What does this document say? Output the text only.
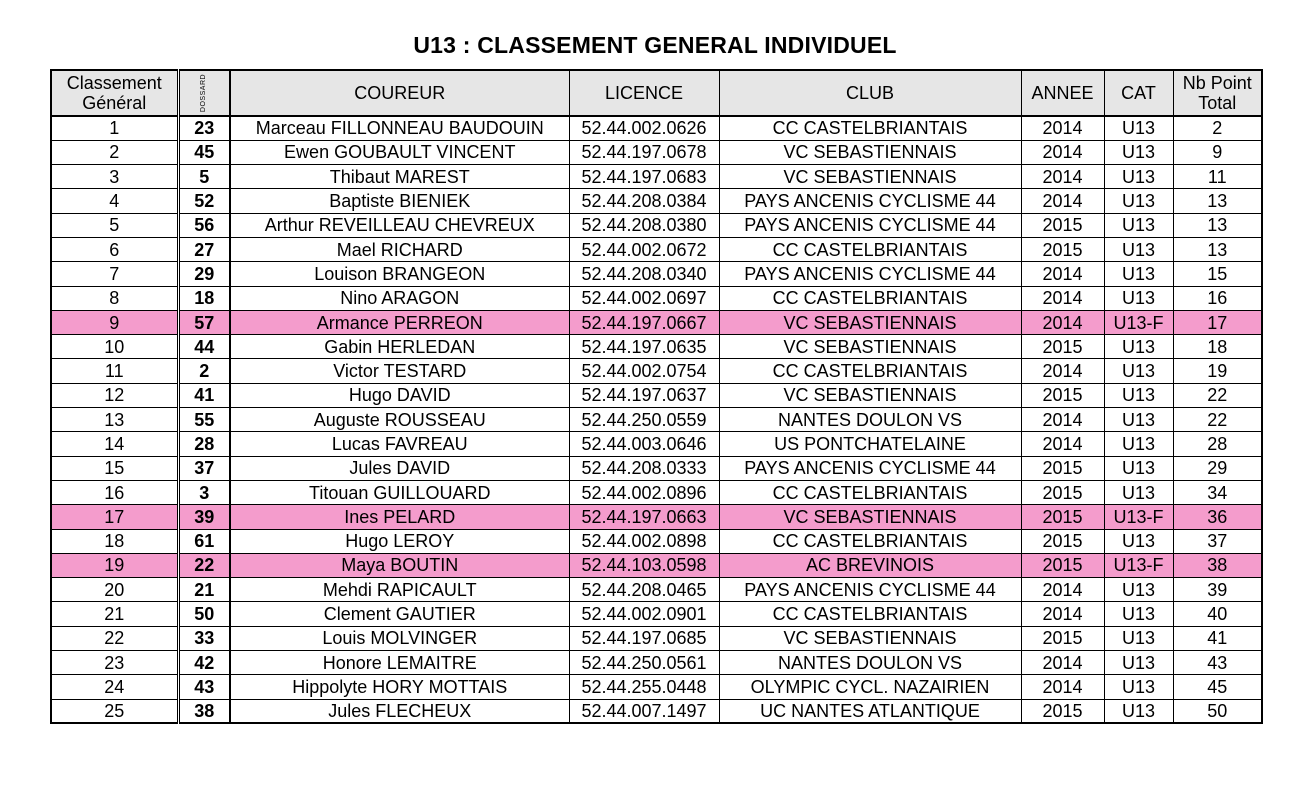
U13 : CLASSEMENT GENERAL INDIVIDUEL
Classement
Général	DOSSARD	COUREUR	LICENCE	CLUB	ANNEE	CAT	Nb Point
Total
1	23	Marceau FILLONNEAU BAUDOUIN	52.44.002.0626	CC CASTELBRIANTAIS	2014	U13	2
2	45	Ewen GOUBAULT VINCENT	52.44.197.0678	VC SEBASTIENNAIS	2014	U13	9
3	5	Thibaut MAREST	52.44.197.0683	VC SEBASTIENNAIS	2014	U13	11
4	52	Baptiste BIENIEK	52.44.208.0384	PAYS ANCENIS CYCLISME 44	2014	U13	13
5	56	Arthur REVEILLEAU CHEVREUX	52.44.208.0380	PAYS ANCENIS CYCLISME 44	2015	U13	13
6	27	Mael RICHARD	52.44.002.0672	CC CASTELBRIANTAIS	2015	U13	13
7	29	Louison BRANGEON	52.44.208.0340	PAYS ANCENIS CYCLISME 44	2014	U13	15
8	18	Nino ARAGON	52.44.002.0697	CC CASTELBRIANTAIS	2014	U13	16
9	57	Armance PERREON	52.44.197.0667	VC SEBASTIENNAIS	2014	U13-F	17
10	44	Gabin HERLEDAN	52.44.197.0635	VC SEBASTIENNAIS	2015	U13	18
11	2	Victor TESTARD	52.44.002.0754	CC CASTELBRIANTAIS	2014	U13	19
12	41	Hugo DAVID	52.44.197.0637	VC SEBASTIENNAIS	2015	U13	22
13	55	Auguste ROUSSEAU	52.44.250.0559	NANTES DOULON VS	2014	U13	22
14	28	Lucas FAVREAU	52.44.003.0646	US PONTCHATELAINE	2014	U13	28
15	37	Jules DAVID	52.44.208.0333	PAYS ANCENIS CYCLISME 44	2015	U13	29
16	3	Titouan GUILLOUARD	52.44.002.0896	CC CASTELBRIANTAIS	2015	U13	34
17	39	Ines PELARD	52.44.197.0663	VC SEBASTIENNAIS	2015	U13-F	36
18	61	Hugo LEROY	52.44.002.0898	CC CASTELBRIANTAIS	2015	U13	37
19	22	Maya BOUTIN	52.44.103.0598	AC BREVINOIS	2015	U13-F	38
20	21	Mehdi RAPICAULT	52.44.208.0465	PAYS ANCENIS CYCLISME 44	2014	U13	39
21	50	Clement GAUTIER	52.44.002.0901	CC CASTELBRIANTAIS	2014	U13	40
22	33	Louis MOLVINGER	52.44.197.0685	VC SEBASTIENNAIS	2015	U13	41
23	42	Honore LEMAITRE	52.44.250.0561	NANTES DOULON VS	2014	U13	43
24	43	Hippolyte HORY MOTTAIS	52.44.255.0448	OLYMPIC CYCL. NAZAIRIEN	2014	U13	45
25	38	Jules FLECHEUX	52.44.007.1497	UC NANTES ATLANTIQUE	2015	U13	50
